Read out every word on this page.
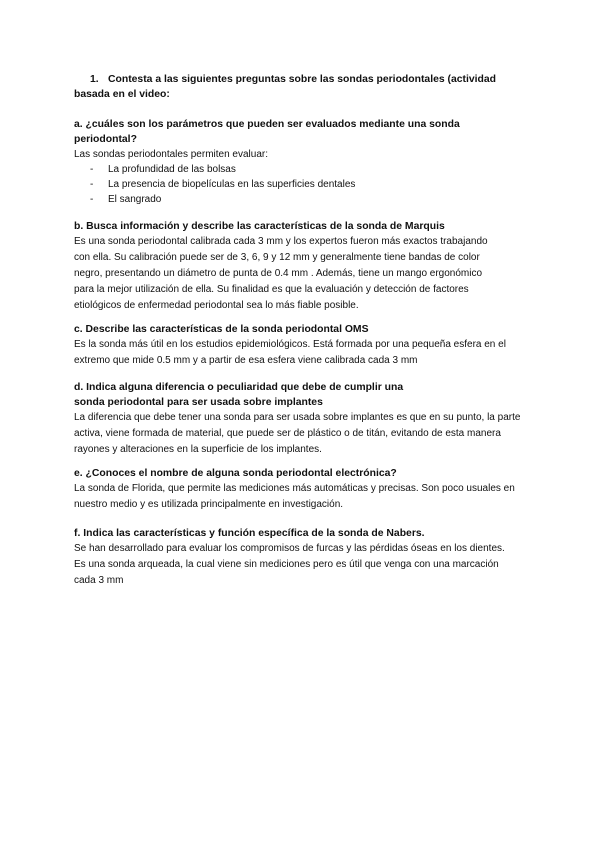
1. Contesta a las siguientes preguntas sobre las sondas periodontales (actividad basada en el video:

a. ¿cuáles son los parámetros que pueden ser evaluados mediante una sonda periodontal?

Las sondas periodontales permiten evaluar:

- La profundidad de las bolsas
- La presencia de biopelículas en las superficies dentales
- El sangrado

b. Busca información y describe las características de la sonda de Marquis

Es una sonda periodontal calibrada cada 3 mm y los expertos fueron más exactos trabajando con ella. Su calibración puede ser de 3, 6, 9 y 12 mm y generalmente tiene bandas de color negro, presentando un diámetro de punta de 0.4 mm . Además, tiene un mango ergonómico para la mejor utilización de ella. Su finalidad es que la evaluación y detección de factores etiológicos de enfermedad periodontal sea lo más fiable posible.

c. Describe las características de la sonda periodontal OMS

Es la sonda más útil en los estudios epidemiológicos. Está formada por una pequeña esfera en el extremo que mide 0.5 mm y a partir de esa esfera viene calibrada cada 3 mm

d. Indica alguna diferencia o peculiaridad que debe de cumplir una sonda periodontal para ser usada sobre implantes

La diferencia que debe tener una sonda para ser usada sobre implantes es que en su punto, la parte activa, viene formada de material, que puede ser de plástico o de titán, evitando de esta manera rayones y alteraciones en la superficie de los implantes.

e. ¿Conoces el nombre de alguna sonda periodontal electrónica?

La sonda de Florida, que permite las mediciones más automáticas y precisas. Son poco usuales en nuestro medio y es utilizada principalmente en investigación.

f. Indica las características y función específica de la sonda de Nabers.

Se han desarrollado para evaluar los compromisos de furcas y las pérdidas óseas en los dientes. Es una sonda arqueada, la cual viene sin mediciones pero es útil que venga con una marcación cada 3 mm
